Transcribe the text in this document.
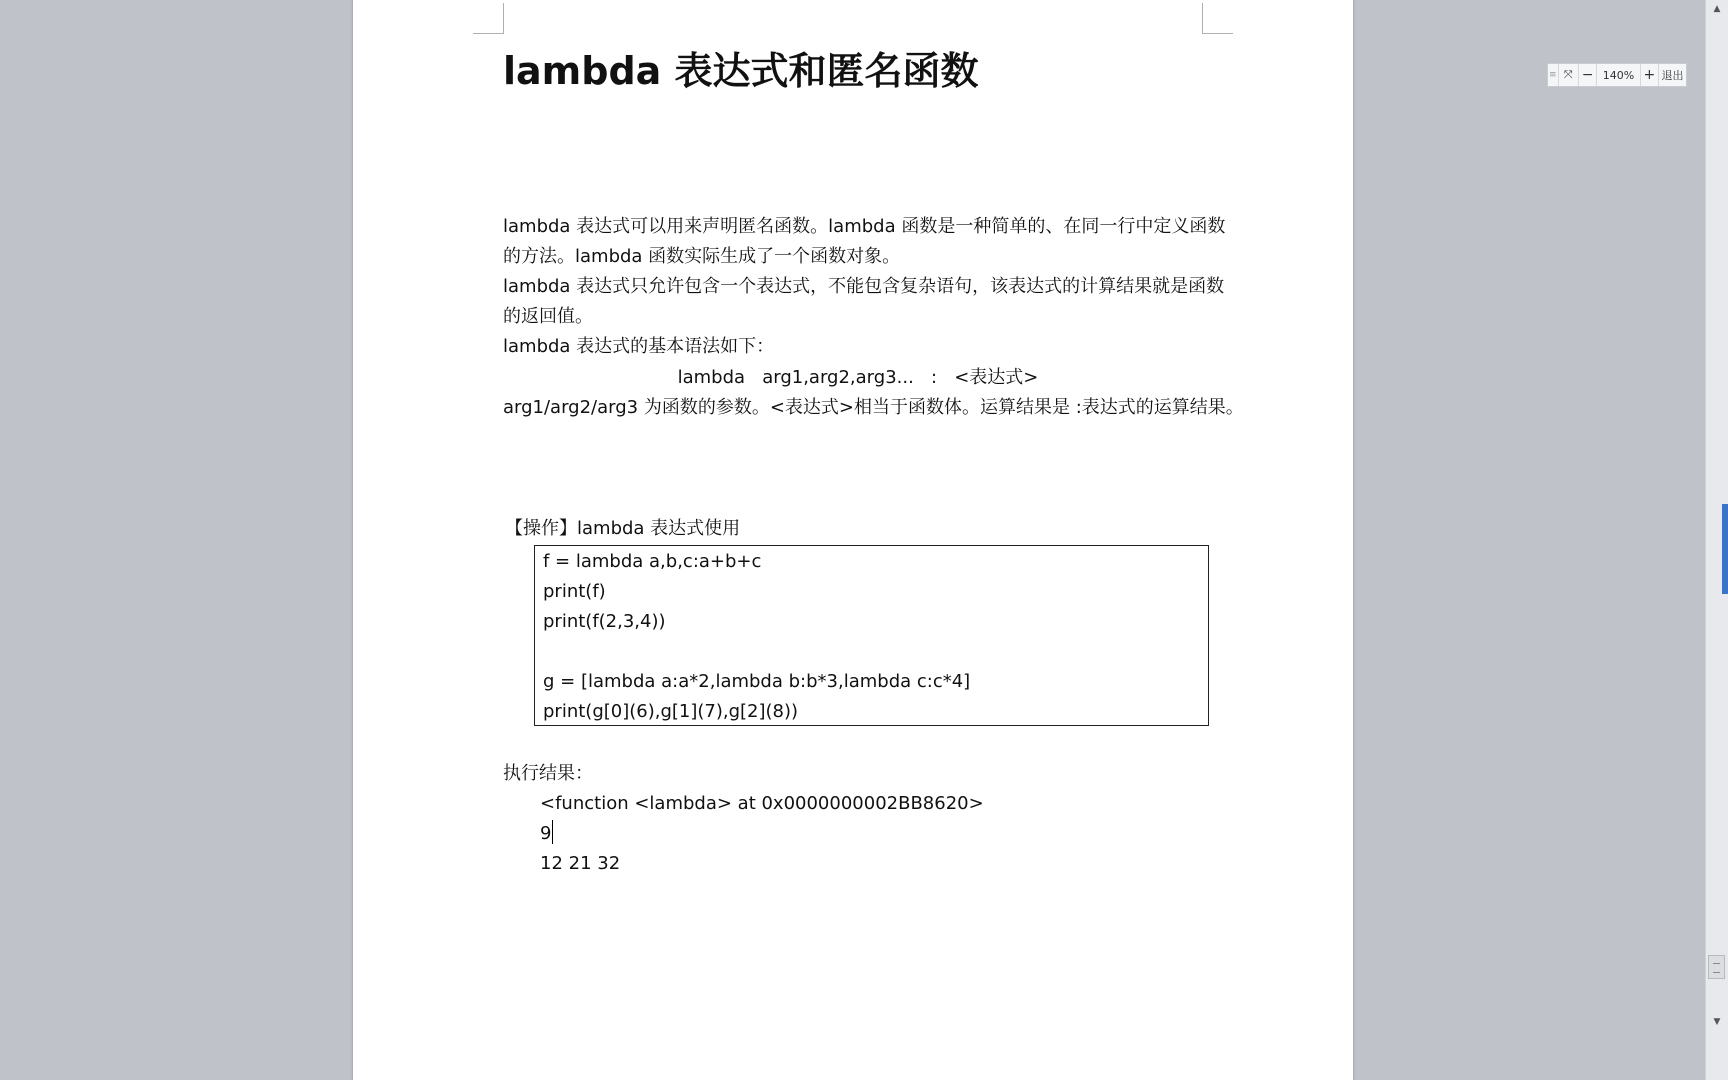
lambda 表达式和匿名函数
lambda 表达式可以用来声明匿名函数。lambda 函数是一种简单的、在同一行中定义函数
的方法。lambda 函数实际生成了一个函数对象。
lambda 表达式只允许包含一个表达式，不能包含复杂语句，该表达式的计算结果就是函数
的返回值。
lambda 表达式的基本语法如下：
lambda   arg1,arg2,arg3...   :   <表达式>
arg1/arg2/arg3 为函数的参数。<表达式>相当于函数体。运算结果是 :表达式的运算结果。
【操作】lambda 表达式使用
f = lambda a,b,c:a+b+c
print(f)
print(f(2,3,4))
g = [lambda a:a*2,lambda b:b*3,lambda c:c*4]
print(g[0](6),g[1](7),g[2](8))
执行结果：
<function <lambda> at 0x0000000002BB8620>
9
12 21 32
≡ ⤧ − 140% + 退出
▲
▼
